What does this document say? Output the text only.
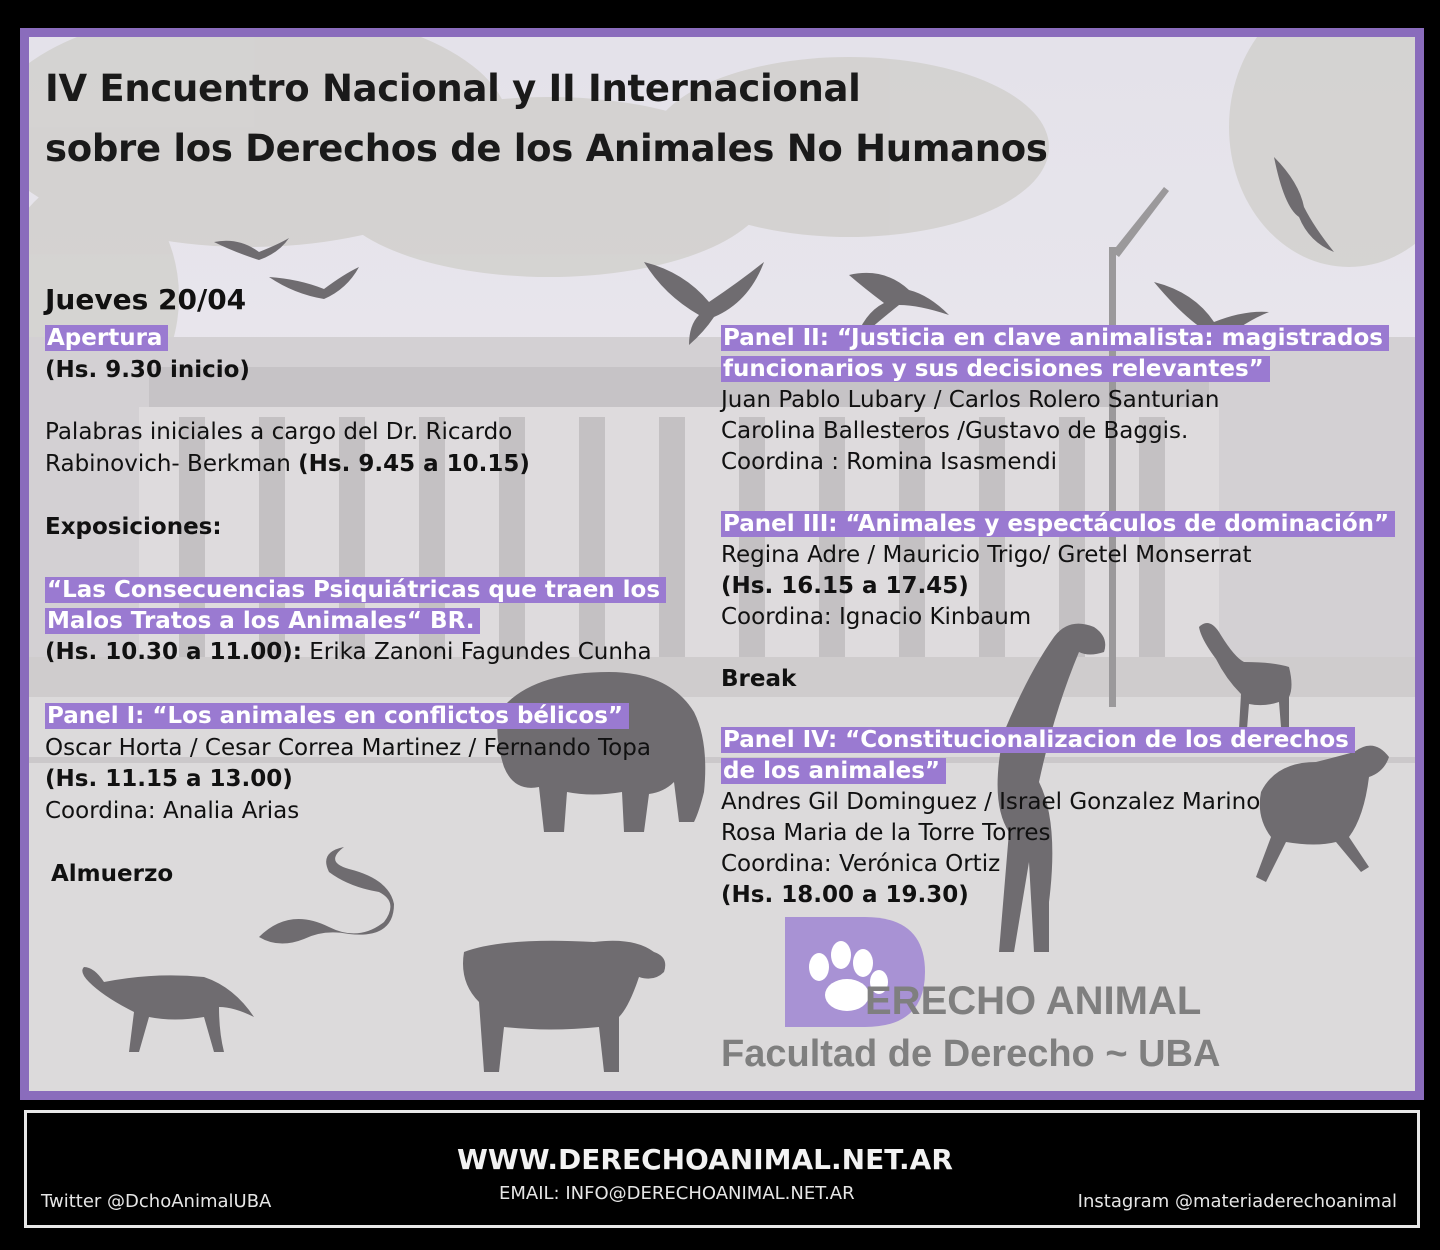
IV Encuentro Nacional y II Internacional
sobre los Derechos de los Animales No Humanos
Jueves 20/04
Apertura
(Hs. 9.30 inicio)
Palabras iniciales a cargo del Dr. Ricardo
Rabinovich- Berkman (Hs. 9.45 a 10.15)
Exposiciones:
“Las Consecuencias Psiquiátricas que traen los
Malos Tratos a los Animales“ BR.
(Hs. 10.30 a 11.00): Erika Zanoni Fagundes Cunha
Panel I: “Los animales en conflictos bélicos”
Oscar Horta / Cesar Correa Martinez / Fernando Topa
(Hs. 11.15 a 13.00)
Coordina: Analia Arias
Almuerzo
Panel II: “Justicia en clave animalista: magistrados
funcionarios y sus decisiones relevantes”
Juan Pablo Lubary / Carlos Rolero Santurian
Carolina Ballesteros /Gustavo de Baggis.
Coordina : Romina Isasmendi
Panel III: “Animales y espectáculos de dominación”
Regina Adre / Mauricio Trigo/ Gretel Monserrat
(Hs. 16.15 a 17.45)
Coordina: Ignacio Kinbaum
Break
Panel IV: “Constitucionalizacion de los derechos
de los animales”
Andres Gil Dominguez / Israel Gonzalez Marino
Rosa Maria de la Torre Torres
Coordina: Verónica Ortiz
(Hs. 18.00 a 19.30)
ERECHO ANIMAL
Facultad de Derecho ~ UBA
WWW.DERECHOANIMAL.NET.AR
EMAIL: INFO@DERECHOANIMAL.NET.AR
Twitter @DchoAnimalUBA	Instagram @materiaderechoanimal
